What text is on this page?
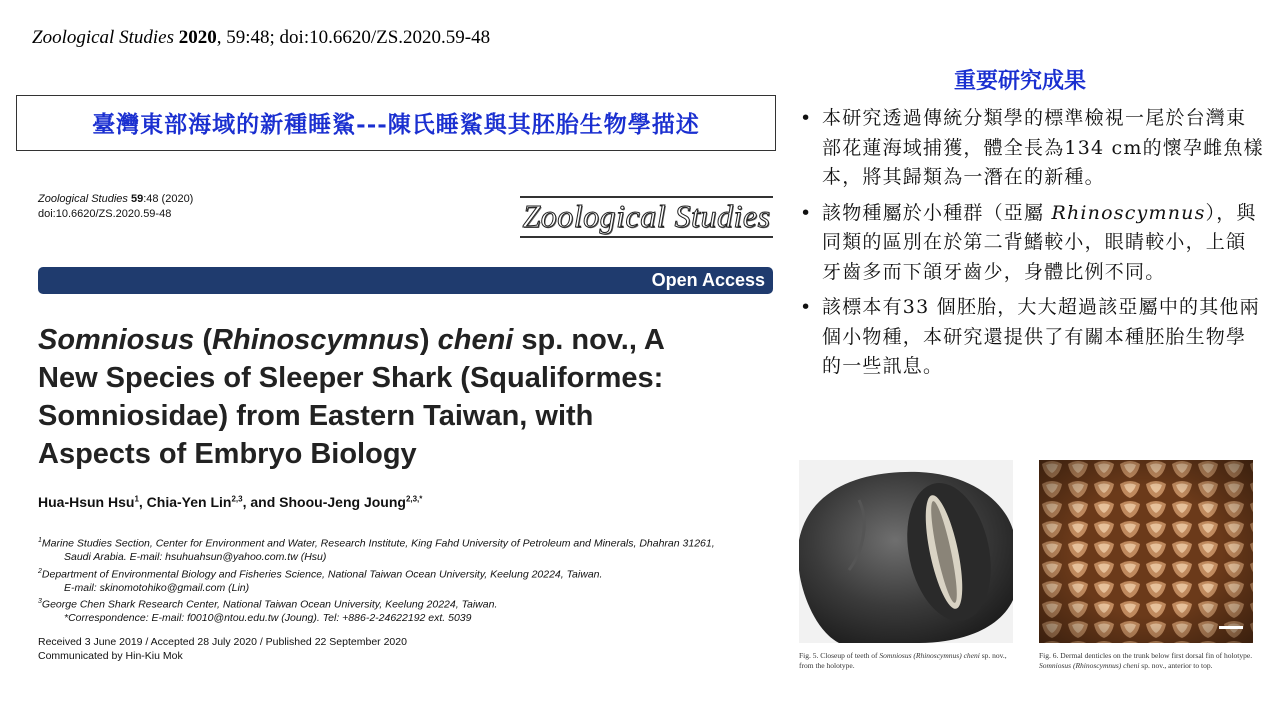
Zoological Studies 2020, 59:48; doi:10.6620/ZS.2020.59-48
臺灣東部海域的新種睡鯊---陳氏睡鯊與其胚胎生物學描述
Zoological Studies 59:48 (2020)
doi:10.6620/ZS.2020.59-48	Zoological Studies
Open Access
Somniosus (Rhinoscymnus) cheni sp. nov., A
New Species of Sleeper Shark (Squaliformes:
Somniosidae) from Eastern Taiwan, with
Aspects of Embryo Biology
Hua-Hsun Hsu$^1$, Chia-Yen Lin$^{2,3}$, and Shoou-Jeng Joung$^{2,3,*}$
$^1$Marine Studies Section, Center for Environment and Water, Research Institute, King Fahd University of Petroleum and Minerals, Dhahran 31261,
Saudi Arabia. E-mail: hsuhuahsun@yahoo.com.tw (Hsu)
$^2$Department of Environmental Biology and Fisheries Science, National Taiwan Ocean University, Keelung 20224, Taiwan.
E-mail: skinomotohiko@gmail.com (Lin)
$^3$George Chen Shark Research Center, National Taiwan Ocean University, Keelung 20224, Taiwan.
*Correspondence: E-mail: f0010@ntou.edu.tw (Joung). Tel: +886-2-24622192 ext. 5039
Received 3 June 2019 / Accepted 28 July 2020 / Published 22 September 2020
Communicated by Hin-Kiu Mok
重要研究成果
• 本研究透過傳統分類學的標準檢視一尾於台灣東部花蓮海域捕獲，體全長為134 cm的懷孕雌魚樣本，將其歸類為一潛在的新種。
• 該物種屬於小種群（亞屬 Rhinoscymnus），與同類的區別在於第二背鰭較小，眼睛較小，上頜牙齒多而下頜牙齒少，身體比例不同。
• 該標本有33 個胚胎，大大超過該亞屬中的其他兩個小物種，本研究還提供了有關本種胚胎生物學的一些訊息。
Fig. 5. Closeup of teeth of Somniosus (Rhinoscymnus) cheni sp. nov., from the holotype.
Fig. 6. Dermal denticles on the trunk below first dorsal fin of holotype. Somniosus (Rhinoscymnus) cheni sp. nov., anterior to top.
